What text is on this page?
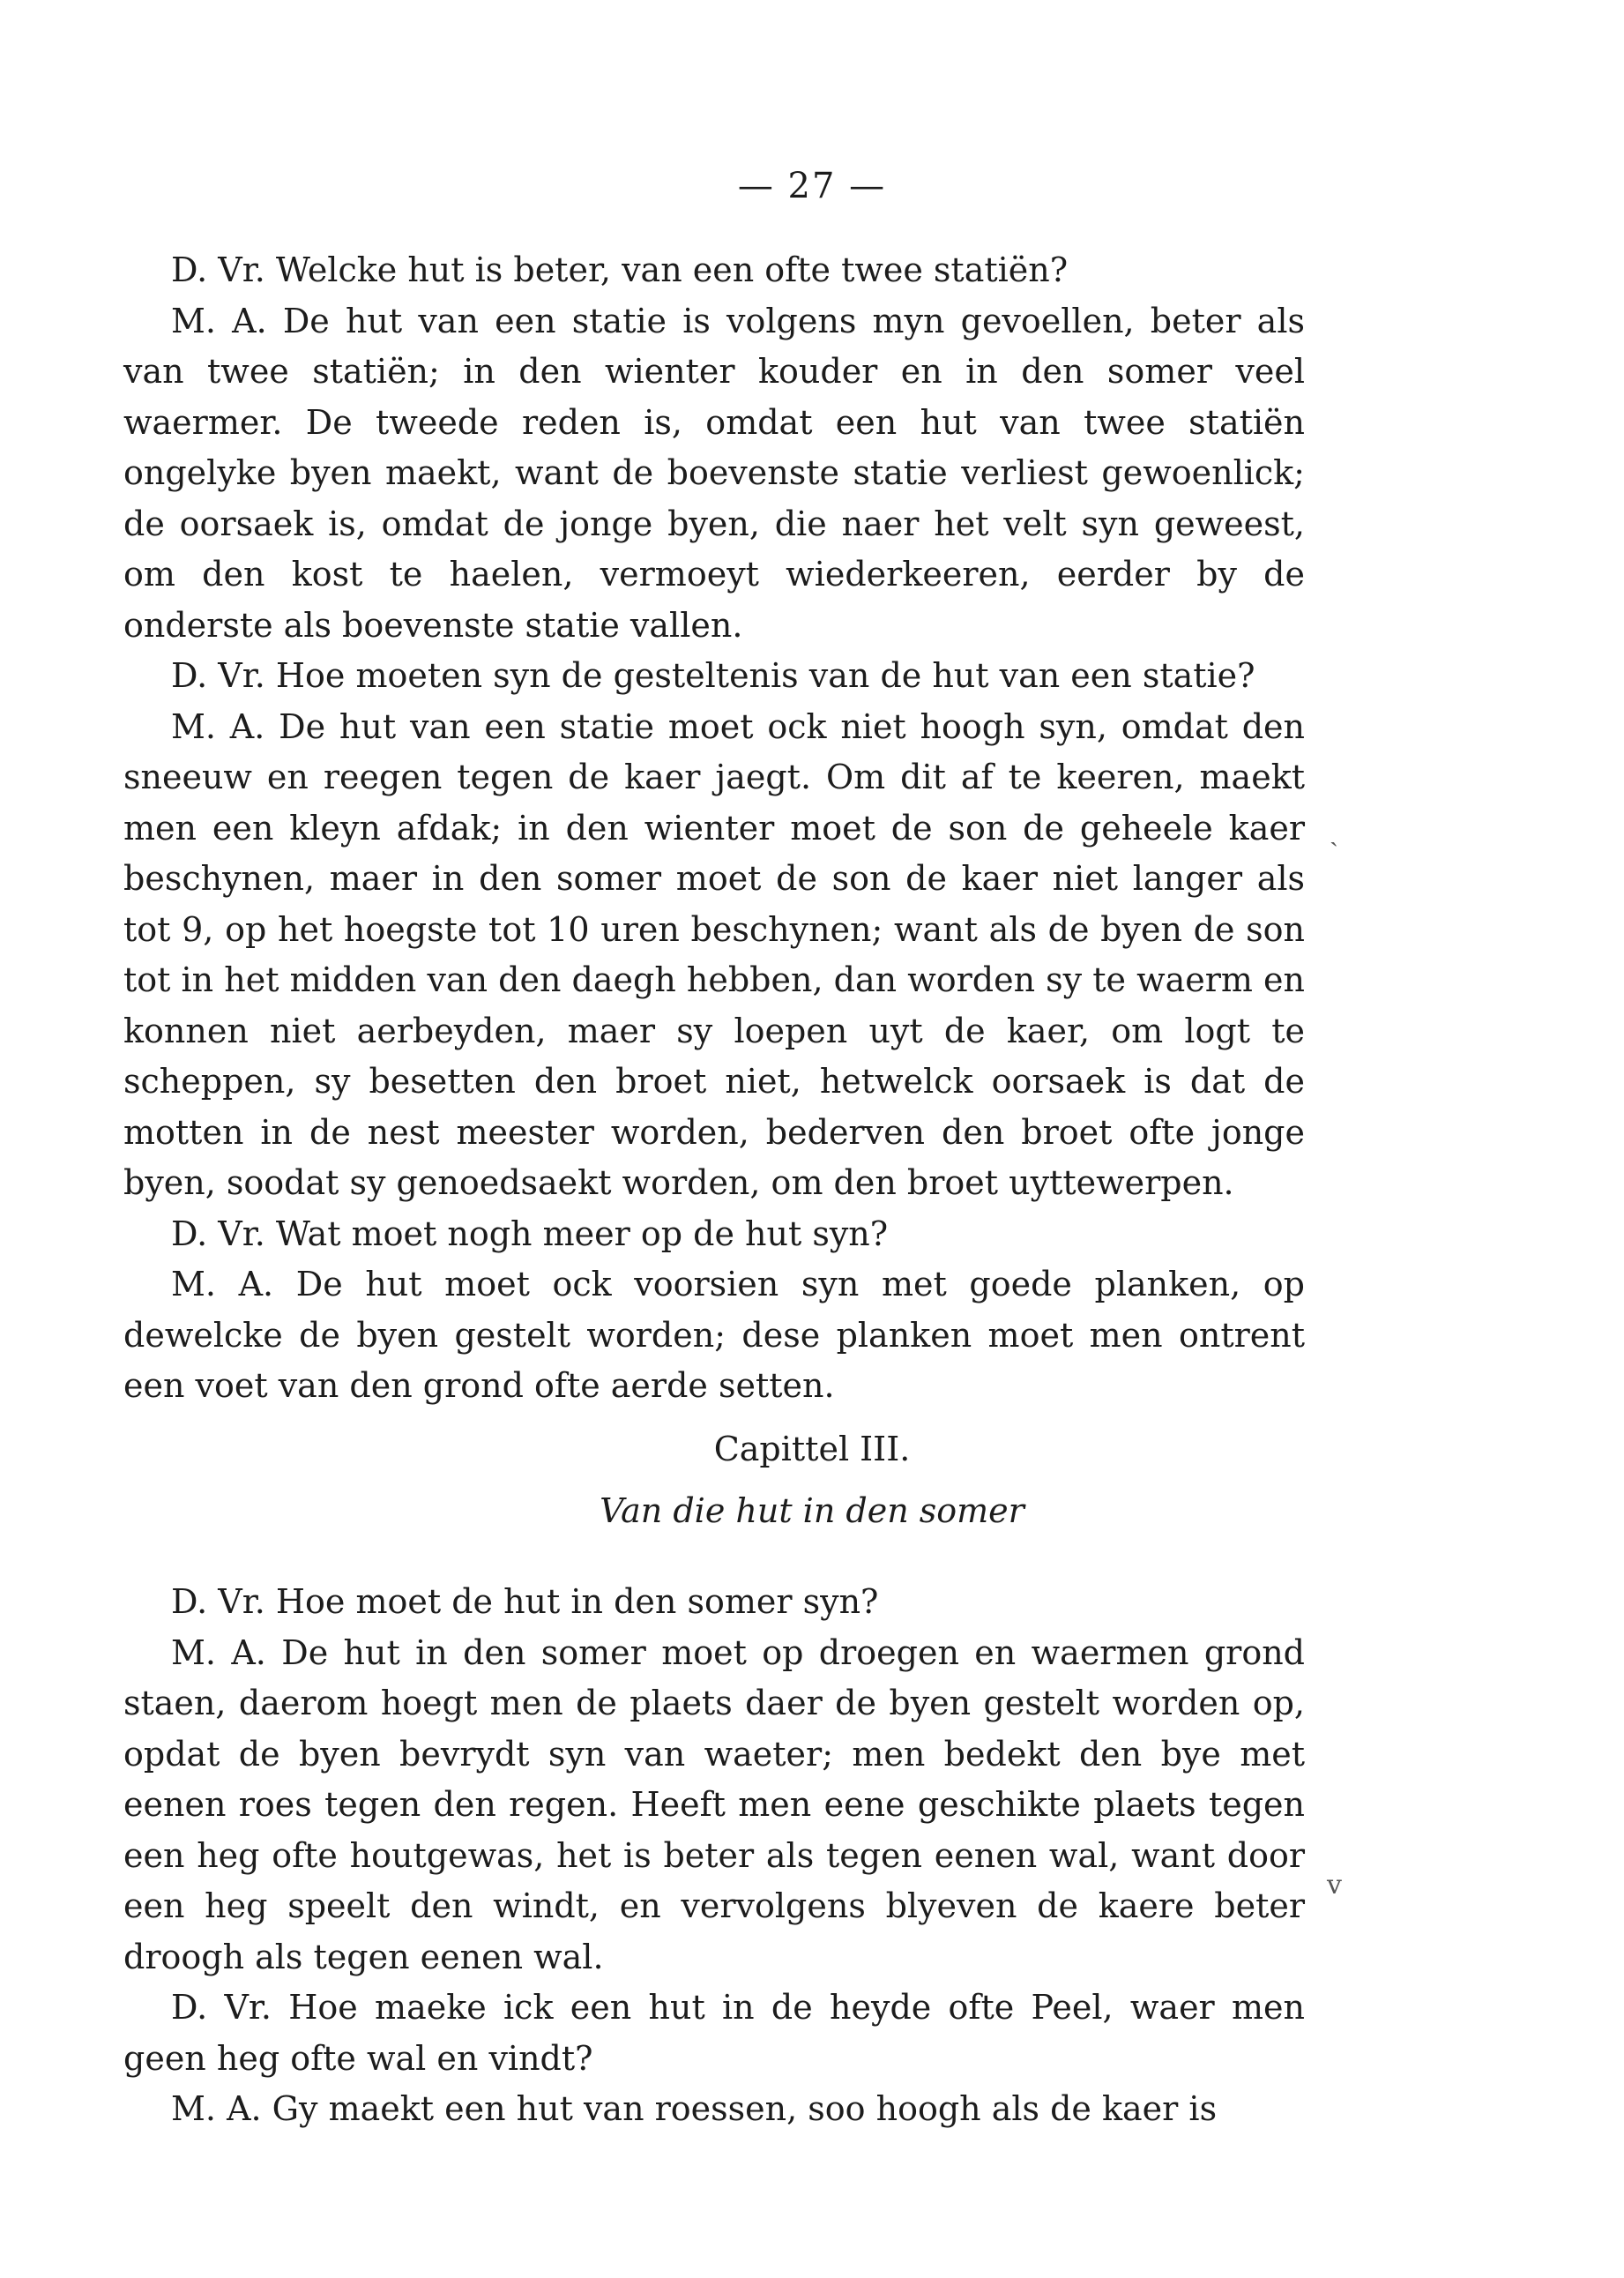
— 27 —

D. Vr. Welcke hut is beter, van een ofte twee statiën?

M. A. De hut van een statie is volgens myn gevoellen, beter als van twee statiën; in den wienter kouder en in den somer veel waermer. De tweede reden is, omdat een hut van twee statiën ongelyke byen maekt, want de boevenste statie verliest gewoenlick; de oorsaek is, omdat de jonge byen, die naer het velt syn geweest, om den kost te haelen, vermoeyt wiederkeeren, eerder by de onderste als boevenste statie vallen.

D. Vr. Hoe moeten syn de gesteltenis van de hut van een statie?

M. A. De hut van een statie moet ock niet hoogh syn, omdat den sneeuw en reegen tegen de kaer jaegt. Om dit af te keeren, maekt men een kleyn afdak; in den wienter moet de son de geheele kaer beschynen, maer in den somer moet de son de kaer niet langer als tot 9, op het hoegste tot 10 uren beschynen; want als de byen de son tot in het midden van den daegh hebben, dan worden sy te waerm en konnen niet aerbeyden, maer sy loepen uyt de kaer, om logt te scheppen, sy besetten den broet niet, hetwelck oorsaek is dat de motten in de nest meester worden, bederven den broet ofte jonge byen, soodat sy genoedsaekt worden, om den broet uyttewerpen.

D. Vr. Wat moet nogh meer op de hut syn?

M. A. De hut moet ock voorsien syn met goede planken, op dewelcke de byen gestelt worden; dese planken moet men ontrent een voet van den grond ofte aerde setten.

Capittel III.
Van die hut in den somer

D. Vr. Hoe moet de hut in den somer syn?

M. A. De hut in den somer moet op droegen en waermen grond staen, daerom hoegt men de plaets daer de byen gestelt worden op, opdat de byen bevrydt syn van waeter; men bedekt den bye met eenen roes tegen den regen. Heeft men eene geschikte plaets tegen een heg ofte houtgewas, het is beter als tegen eenen wal, want door een heg speelt den windt, en vervolgens blyeven de kaere beter droogh als tegen eenen wal.

D. Vr. Hoe maeke ick een hut in de heyde ofte Peel, waer men geen heg ofte wal en vindt?

M. A. Gy maekt een hut van roessen, soo hoogh als de kaer is

ˎ
v
